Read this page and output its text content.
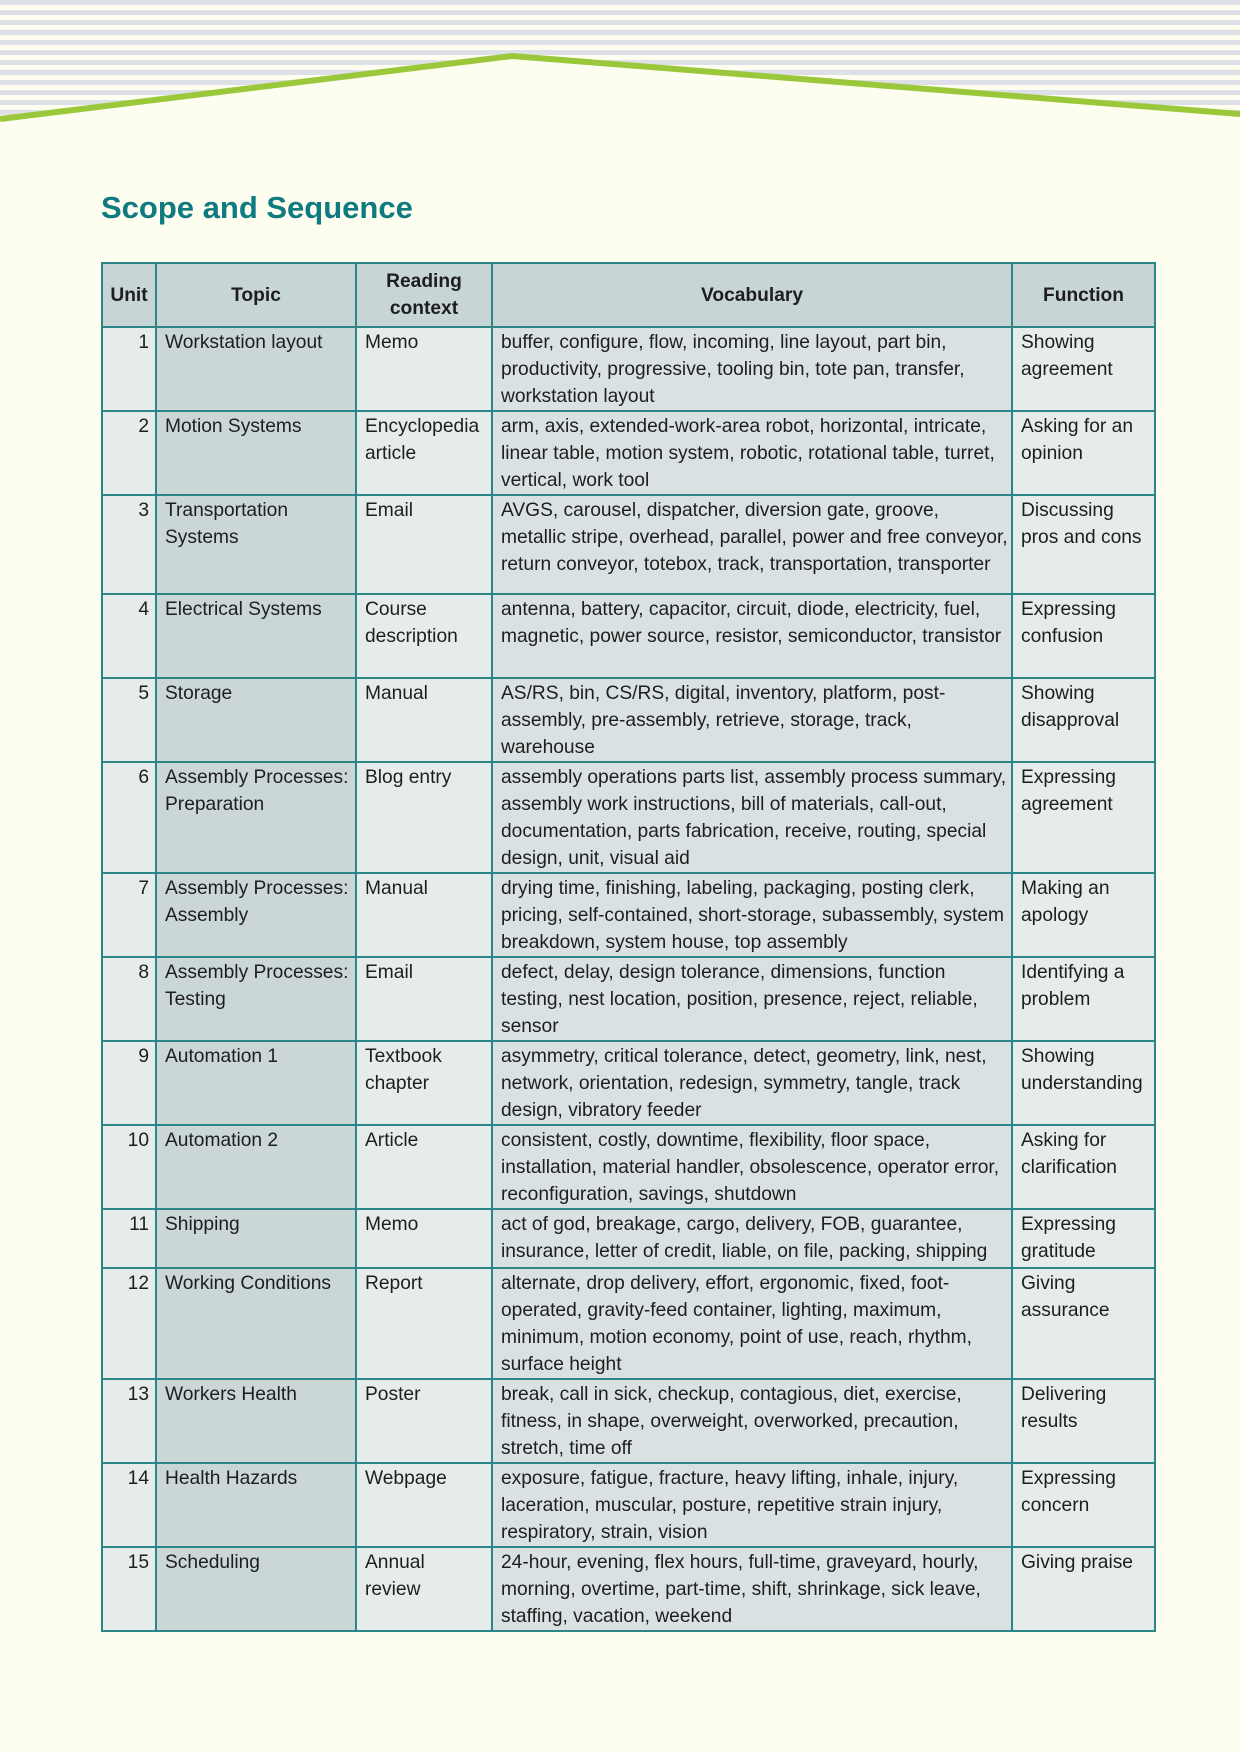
Scope and Sequence
Unit	Topic	Reading context	Vocabulary	Function
1	Workstation layout	Memo	buffer, configure, flow, incoming, line layout, part bin, productivity, progressive, tooling bin, tote pan, transfer, workstation layout	Showing agreement
2	Motion Systems	Encyclopedia article	arm, axis, extended-work-area robot, horizontal, intricate, linear table, motion system, robotic, rotational table, turret, vertical, work tool	Asking for an opinion
3	Transportation Systems	Email	AVGS, carousel, dispatcher, diversion gate, groove, metallic stripe, overhead, parallel, power and free conveyor, return conveyor, totebox, track, transportation, transporter	Discussing pros and cons
4	Electrical Systems	Course description	antenna, battery, capacitor, circuit, diode, electricity, fuel, magnetic, power source, resistor, semiconductor, transistor	Expressing confusion
5	Storage	Manual	AS/RS, bin, CS/RS, digital, inventory, platform, post-assembly, pre-assembly, retrieve, storage, track, warehouse	Showing disapproval
6	Assembly Processes: Preparation	Blog entry	assembly operations parts list, assembly process summary, assembly work instructions, bill of materials, call-out, documentation, parts fabrication, receive, routing, special design, unit, visual aid	Expressing agreement
7	Assembly Processes: Assembly	Manual	drying time, finishing, labeling, packaging, posting clerk, pricing, self-contained, short-storage, subassembly, system breakdown, system house, top assembly	Making an apology
8	Assembly Processes: Testing	Email	defect, delay, design tolerance, dimensions, function testing, nest location, position, presence, reject, reliable, sensor	Identifying a problem
9	Automation 1	Textbook chapter	asymmetry, critical tolerance, detect, geometry, link, nest, network, orientation, redesign, symmetry, tangle, track design, vibratory feeder	Showing understanding
10	Automation 2	Article	consistent, costly, downtime, flexibility, floor space, installation, material handler, obsolescence, operator error, reconfiguration, savings, shutdown	Asking for clarification
11	Shipping	Memo	act of god, breakage, cargo, delivery, FOB, guarantee, insurance, letter of credit, liable, on file, packing, shipping	Expressing gratitude
12	Working Conditions	Report	alternate, drop delivery, effort, ergonomic, fixed, foot-operated, gravity-feed container, lighting, maximum, minimum, motion economy, point of use, reach, rhythm, surface height	Giving assurance
13	Workers Health	Poster	break, call in sick, checkup, contagious, diet, exercise, fitness, in shape, overweight, overworked, precaution, stretch, time off	Delivering results
14	Health Hazards	Webpage	exposure, fatigue, fracture, heavy lifting, inhale, injury, laceration, muscular, posture, repetitive strain injury, respiratory, strain, vision	Expressing concern
15	Scheduling	Annual review	24-hour, evening, flex hours, full-time, graveyard, hourly, morning, overtime, part-time, shift, shrinkage, sick leave, staffing, vacation, weekend	Giving praise
